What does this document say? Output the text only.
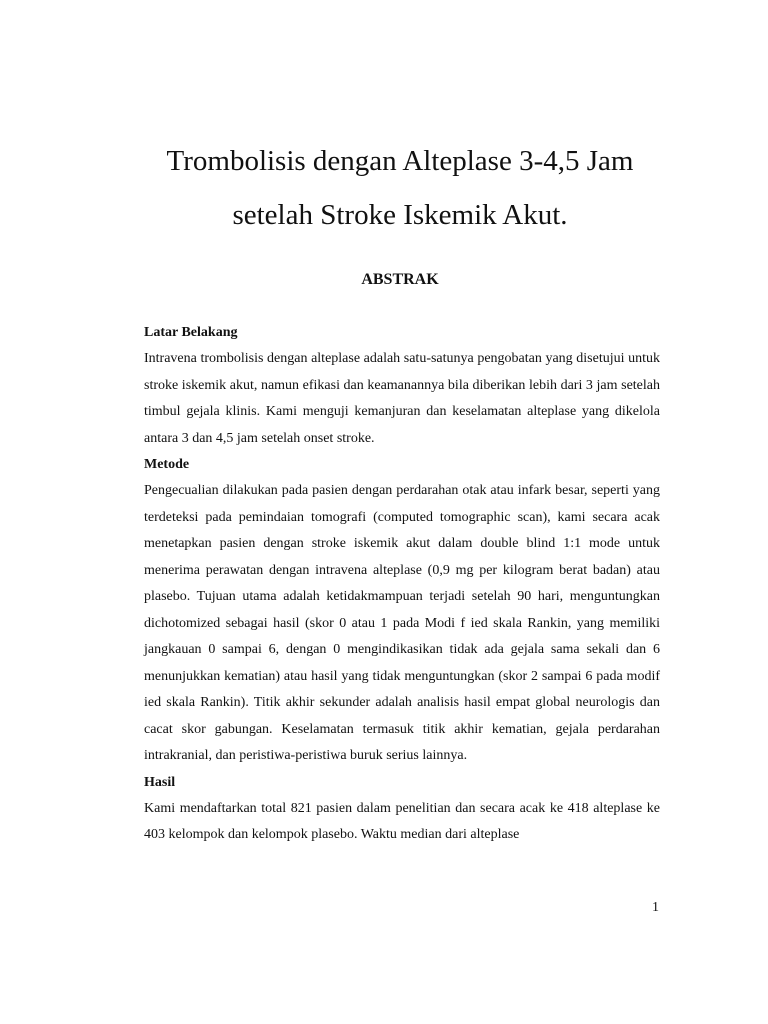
Trombolisis dengan Alteplase 3-4,5 Jam
setelah Stroke Iskemik Akut.
ABSTRAK
Latar Belakang

Intravena trombolisis dengan alteplase adalah satu-satunya pengobatan yang disetujui untuk stroke iskemik akut, namun efikasi dan keamanannya bila diberikan lebih dari 3 jam setelah timbul gejala klinis. Kami menguji kemanjuran dan keselamatan alteplase yang dikelola antara 3 dan 4,5 jam setelah onset stroke.

Metode

Pengecualian dilakukan pada pasien dengan perdarahan otak atau infark besar, seperti yang terdeteksi pada pemindaian tomografi (computed tomographic scan), kami secara acak menetapkan pasien dengan stroke iskemik akut dalam double blind 1:1 mode untuk menerima perawatan dengan intravena alteplase (0,9 mg per kilogram berat badan) atau plasebo. Tujuan utama adalah ketidakmampuan terjadi setelah 90 hari, menguntungkan dichotomized sebagai hasil (skor 0 atau 1 pada Modi f ied skala Rankin, yang memiliki jangkauan 0 sampai 6, dengan 0 mengindikasikan tidak ada gejala sama sekali dan 6 menunjukkan kematian) atau hasil yang tidak menguntungkan (skor 2 sampai 6 pada modif ied skala Rankin). Titik akhir sekunder adalah analisis hasil empat global neurologis dan cacat skor gabungan. Keselamatan termasuk titik akhir kematian, gejala perdarahan intrakranial, dan peristiwa-peristiwa buruk serius lainnya.

Hasil

Kami mendaftarkan total 821 pasien dalam penelitian dan secara acak ke 418 alteplase ke 403 kelompok dan kelompok plasebo. Waktu median dari alteplase

1
